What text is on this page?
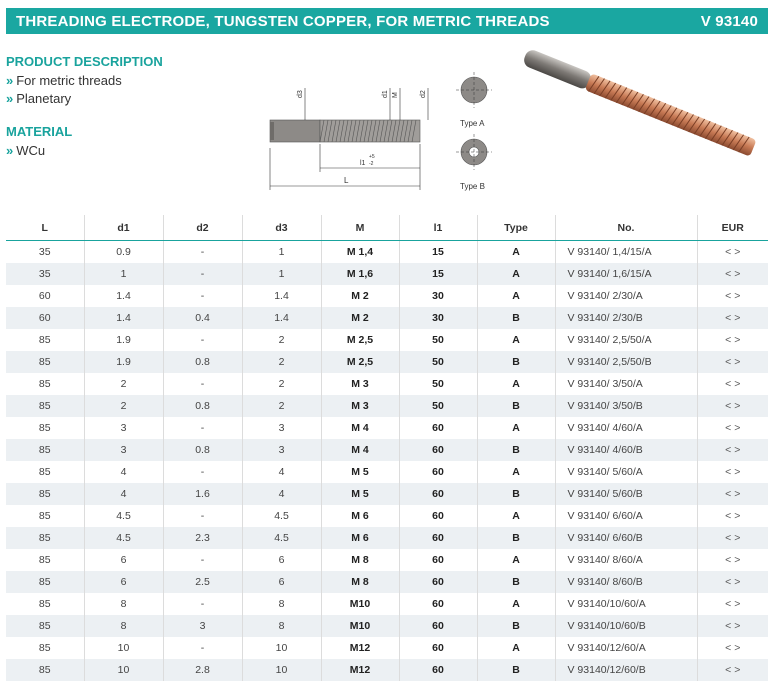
THREADING ELECTRODE, TUNGSTEN COPPER, FOR METRIC THREADS	V 93140
PRODUCT DESCRIPTION
» For metric threads
» Planetary
MATERIAL
» WCu
d3	d1 M	d2
l1
+5
-2
L
Type A
Type B
L	d1	d2	d3	M	l1	Type	No.	EUR
35	0.9	-	1	M 1,4	15	A	V 93140/ 1,4/15/A	< >
35	1	-	1	M 1,6	15	A	V 93140/ 1,6/15/A	< >
60	1.4	-	1.4	M 2	30	A	V 93140/ 2/30/A	< >
60	1.4	0.4	1.4	M 2	30	B	V 93140/ 2/30/B	< >
85	1.9	-	2	M 2,5	50	A	V 93140/ 2,5/50/A	< >
85	1.9	0.8	2	M 2,5	50	B	V 93140/ 2,5/50/B	< >
85	2	-	2	M 3	50	A	V 93140/ 3/50/A	< >
85	2	0.8	2	M 3	50	B	V 93140/ 3/50/B	< >
85	3	-	3	M 4	60	A	V 93140/ 4/60/A	< >
85	3	0.8	3	M 4	60	B	V 93140/ 4/60/B	< >
85	4	-	4	M 5	60	A	V 93140/ 5/60/A	< >
85	4	1.6	4	M 5	60	B	V 93140/ 5/60/B	< >
85	4.5	-	4.5	M 6	60	A	V 93140/ 6/60/A	< >
85	4.5	2.3	4.5	M 6	60	B	V 93140/ 6/60/B	< >
85	6	-	6	M 8	60	A	V 93140/ 8/60/A	< >
85	6	2.5	6	M 8	60	B	V 93140/ 8/60/B	< >
85	8	-	8	M10	60	A	V 93140/10/60/A	< >
85	8	3	8	M10	60	B	V 93140/10/60/B	< >
85	10	-	10	M12	60	A	V 93140/12/60/A	< >
85	10	2.8	10	M12	60	B	V 93140/12/60/B	< >
